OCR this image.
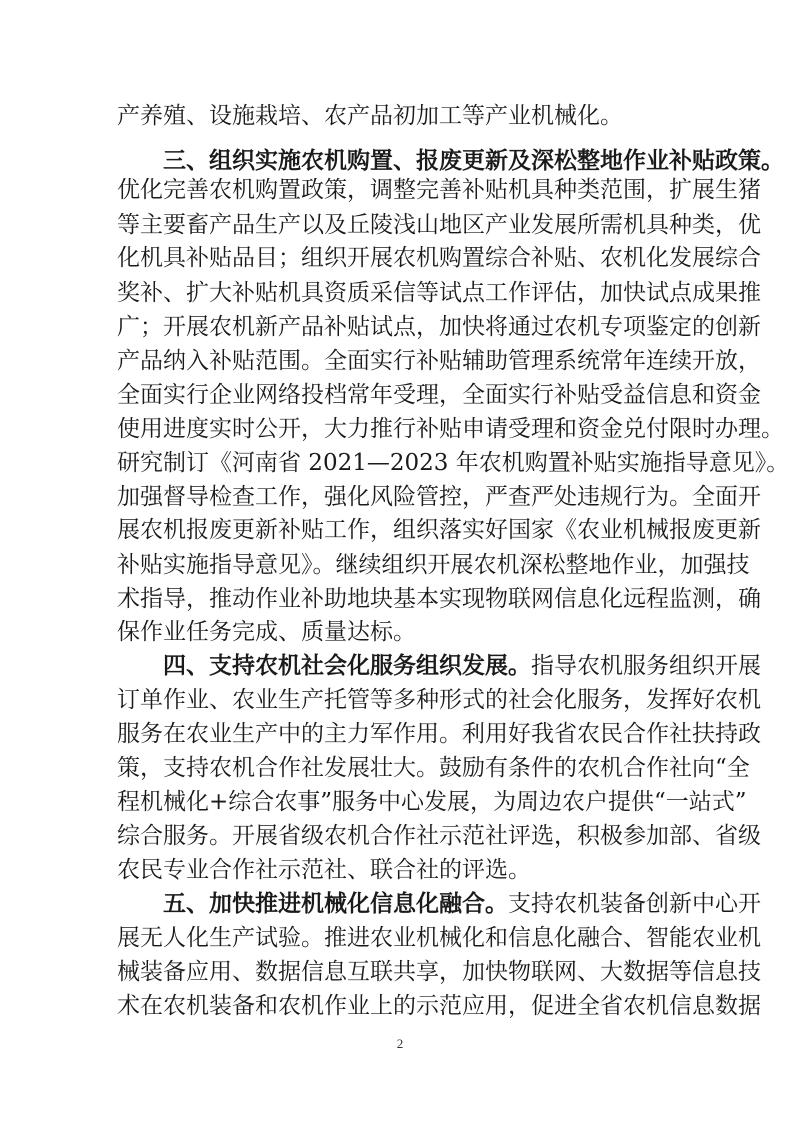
产养殖、设施栽培、农产品初加工等产业机械化。
三、组织实施农机购置、报废更新及深松整地作业补贴政策。
优化完善农机购置政策，调整完善补贴机具种类范围，扩展生猪
等主要畜产品生产以及丘陵浅山地区产业发展所需机具种类，优
化机具补贴品目；组织开展农机购置综合补贴、农机化发展综合
奖补、扩大补贴机具资质采信等试点工作评估，加快试点成果推
广；开展农机新产品补贴试点，加快将通过农机专项鉴定的创新
产品纳入补贴范围。全面实行补贴辅助管理系统常年连续开放，
全面实行企业网络投档常年受理，全面实行补贴受益信息和资金
使用进度实时公开，大力推行补贴申请受理和资金兑付限时办理。
研究制订《河南省 2021—2023 年农机购置补贴实施指导意见》。
加强督导检查工作，强化风险管控，严查严处违规行为。全面开
展农机报废更新补贴工作，组织落实好国家《农业机械报废更新
补贴实施指导意见》。继续组织开展农机深松整地作业，加强技
术指导，推动作业补助地块基本实现物联网信息化远程监测，确
保作业任务完成、质量达标。
四、支持农机社会化服务组织发展。指导农机服务组织开展
订单作业、农业生产托管等多种形式的社会化服务，发挥好农机
服务在农业生产中的主力军作用。利用好我省农民合作社扶持政
策，支持农机合作社发展壮大。鼓励有条件的农机合作社向“全
程机械化+综合农事”服务中心发展，为周边农户提供“一站式”
综合服务。开展省级农机合作社示范社评选，积极参加部、省级
农民专业合作社示范社、联合社的评选。
五、加快推进机械化信息化融合。支持农机装备创新中心开
展无人化生产试验。推进农业机械化和信息化融合、智能农业机
械装备应用、数据信息互联共享，加快物联网、大数据等信息技
术在农机装备和农机作业上的示范应用，促进全省农机信息数据
2
